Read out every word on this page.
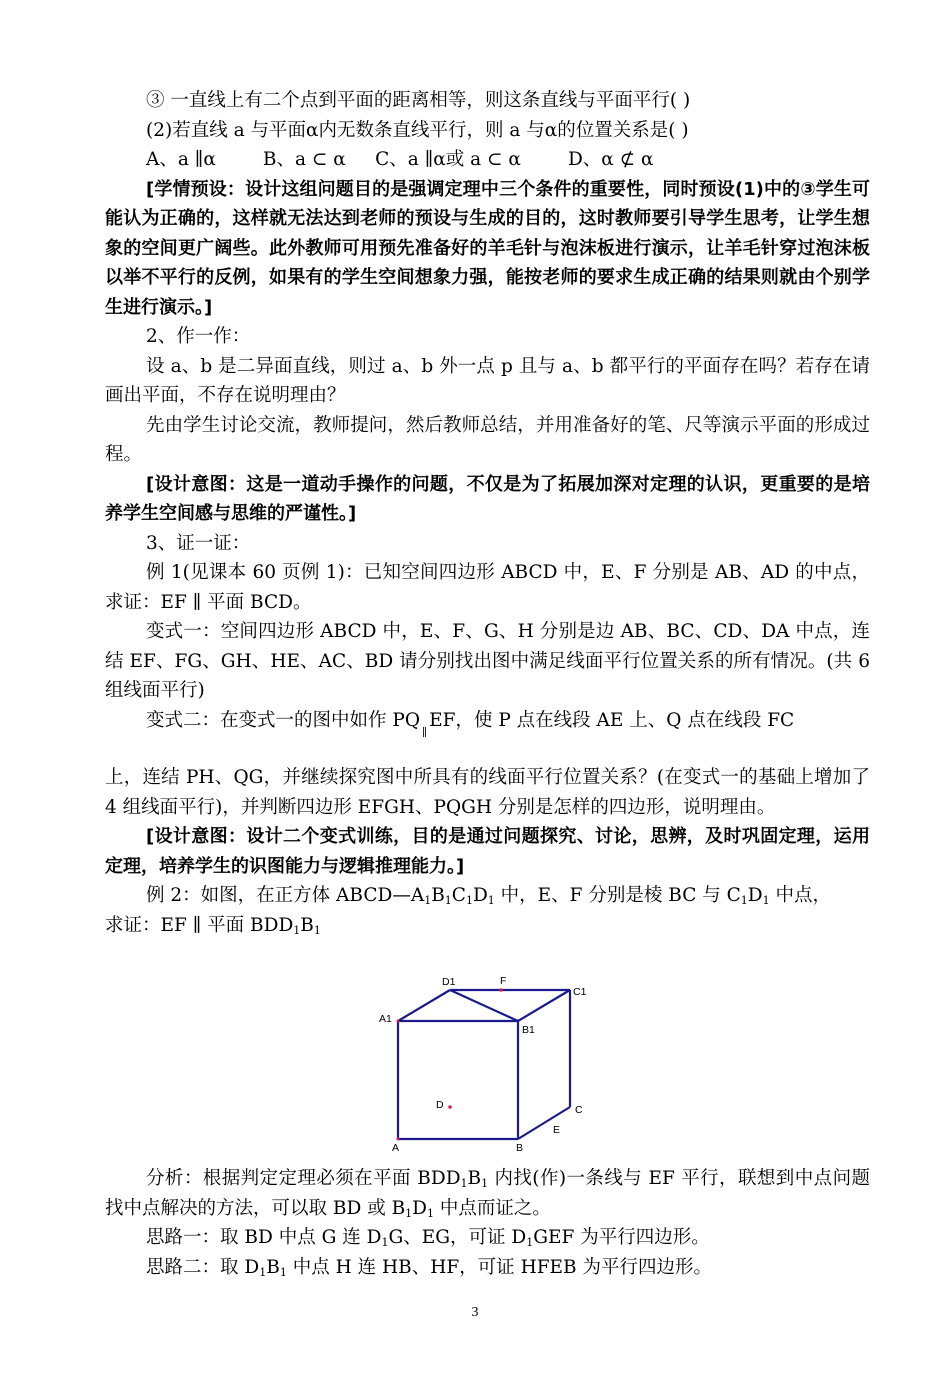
③ 一直线上有二个点到平面的距离相等，则这条直线与平面平行( )

(2)若直线 a 与平面α内无数条直线平行，则 a 与α的位置关系是( )

A、a ∥α        B、a ⊂ α     C、a ∥α或 a ⊂ α        D、α ⊄ α

[学情预设：设计这组问题目的是强调定理中三个条件的重要性，同时预设(1)中的③学生可能认为正确的，这样就无法达到老师的预设与生成的目的，这时教师要引导学生思考，让学生想象的空间更广阔些。此外教师可用预先准备好的羊毛针与泡沫板进行演示，让羊毛针穿过泡沫板以举不平行的反例，如果有的学生空间想象力强，能按老师的要求生成正确的结果则就由个别学生进行演示。]

2、作一作：

设 a、b 是二异面直线，则过 a、b 外一点 p 且与 a、b 都平行的平面存在吗？若存在请画出平面，不存在说明理由？

先由学生讨论交流，教师提问，然后教师总结，并用准备好的笔、尺等演示平面的形成过程。

[设计意图：这是一道动手操作的问题，不仅是为了拓展加深对定理的认识，更重要的是培养学生空间感与思维的严谨性。]

3、证一证：

例 1(见课本 60 页例 1)：已知空间四边形 ABCD 中，E、F 分别是 AB、AD 的中点，求证：EF ∥ 平面 BCD。

变式一：空间四边形 ABCD 中，E、F、G、H 分别是边 AB、BC、CD、DA 中点，连结 EF、FG、GH、HE、AC、BD 请分别找出图中满足线面平行位置关系的所有情况。(共 6 组线面平行)

变式二：在变式一的图中如作 $PQ_\parallel EF$，使 P 点在线段 AE 上、Q 点在线段 FC

上，连结 PH、QG，并继续探究图中所具有的线面平行位置关系？(在变式一的基础上增加了 4 组线面平行)，并判断四边形 EFGH、PQGH 分别是怎样的四边形，说明理由。

[设计意图：设计二个变式训练，目的是通过问题探究、讨论，思辨，及时巩固定理，运用定理，培养学生的识图能力与逻辑推理能力。]

例 2：如图，在正方体 $ABCD—A_1B_1C_1D_1$ 中，E、F 分别是棱 BC 与 $C_1D_1$ 中点，
求证：EF ∥ 平面 $BDD_1B_1$

D1	F
C1
A1
B1
D	C
E
A	B

分析：根据判定定理必须在平面 $BDD_1B_1$ 内找(作)一条线与 EF 平行，联想到中点问题找中点解决的方法，可以取 BD 或 $B_1D_1$ 中点而证之。

思路一：取 BD 中点 G 连 $D_1G$、EG，可证 $D_1GEF$ 为平行四边形。

思路二：取 $D_1B_1$ 中点 H 连 HB、HF，可证 HFEB 为平行四边形。

3
